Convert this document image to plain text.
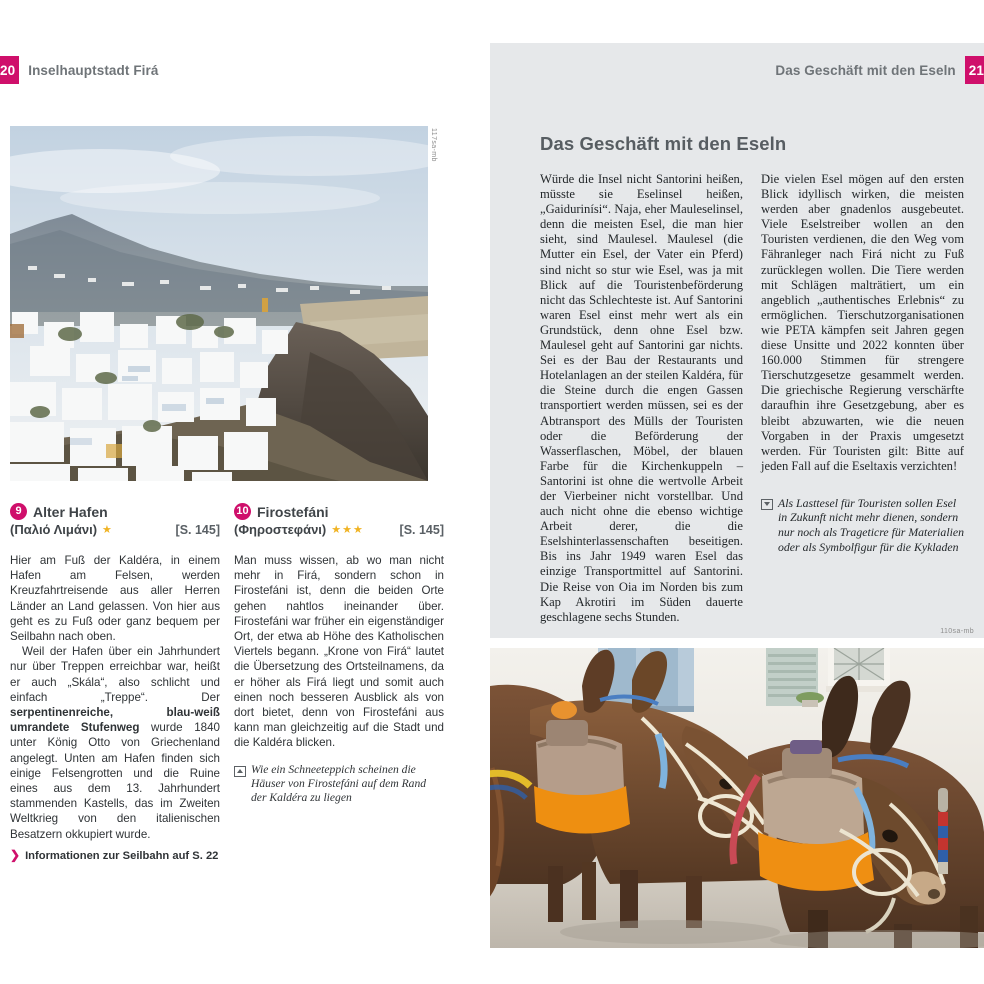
20 Inselhauptstadt Firá
117sa-mb
9 Alter Hafen
(Παλιό Λιμάνι) ★	[S. 145]
10 Firostefáni
(Φηροστεφάνι) ★★★	[S. 145]

Hier am Fuß der Kaldéra, in einem Hafen am Felsen, werden Kreuzfahrtreisende aus aller Herren Länder an Land gelassen. Von hier aus geht es zu Fuß oder ganz bequem per Seilbahn nach oben.

Weil der Hafen über ein Jahrhundert nur über Treppen erreichbar war, heißt er auch „Skála“, also schlicht und einfach „Treppe“. Der serpentinenreiche, blau-weiß umrandete Stufenweg wurde 1840 unter König Otto von Griechenland angelegt. Unten am Hafen finden sich einige Felsengrotten und die Ruine eines aus dem 13. Jahrhundert stammenden Kastells, das im Zweiten Weltkrieg von den italienischen Besatzern okkupiert wurde.

❯ Informationen zur Seilbahn auf S. 22

Man muss wissen, ab wo man nicht mehr in Firá, sondern schon in Firostefáni ist, denn die beiden Orte gehen nahtlos ineinander über. Firostefáni war früher ein eigenständiger Ort, der etwa ab Höhe des Katholischen Viertels begann. „Krone von Firá“ lautet die Übersetzung des Ortsteilnamens, da er höher als Firá liegt und somit auch einen noch besseren Ausblick als von dort bietet, denn von Firostefáni aus kann man gleichzeitig auf die Stadt und die Kaldéra blicken.

Wie ein Schneeteppich scheinen die Häuser von Firostefáni auf dem Rand der Kaldéra zu liegen
Das Geschäft mit den Eseln 21
Das Geschäft mit den Eseln

Würde die Insel nicht Santorini heißen, müsste sie Eselinsel heißen, „Gaidurinísi“. Naja, eher Mauleselinsel, denn die meisten Esel, die man hier sieht, sind Maulesel. Maulesel (die Mutter ein Esel, der Vater ein Pferd) sind nicht so stur wie Esel, was ja mit Blick auf die Touristenbeförderung nicht das Schlechteste ist. Auf Santorini waren Esel einst mehr wert als ein Grundstück, denn ohne Esel bzw. Maulesel geht auf Santorini gar nichts. Sei es der Bau der Restaurants und Hotelanlagen an der steilen Kaldéra, für die Steine durch die engen Gassen transportiert werden müssen, sei es der Abtransport des Mülls der Touristen oder die Beförderung der Wasserflaschen, Möbel, der blauen Farbe für die Kirchenkuppeln – Santorini ist ohne die wertvolle Arbeit der Vierbeiner nicht vorstellbar. Und auch nicht ohne die ebenso wichtige Arbeit derer, die die Eselshinterlassenschaften beseitigen. Bis ins Jahr 1949 waren Esel das einzige Transportmittel auf Santorini. Die Reise von Oia im Norden bis zum Kap Akrotiri im Süden dauerte geschlagene sechs Stunden.

Die vielen Esel mögen auf den ersten Blick idyllisch wirken, die meisten werden aber gnadenlos ausgebeutet. Viele Eselstreiber wollen an den Touristen verdienen, die den Weg vom Fähranleger nach Firá nicht zu Fuß zurücklegen wollen. Die Tiere werden mit Schlägen malträtiert, um ein angeblich „authentisches Erlebnis“ zu ermöglichen. Tierschutzorganisationen wie PETA kämpfen seit Jahren gegen diese Unsitte und 2022 konnten über 160.000 Stimmen für strengere Tierschutzgesetze gesammelt werden. Die griechische Regierung verschärfte daraufhin ihre Gesetzgebung, aber es bleibt abzuwarten, wie die neuen Vorgaben in der Praxis umgesetzt werden. Für Touristen gilt: Bitte auf jeden Fall auf die Eseltaxis verzichten!

Als Lasttesel für Touristen sollen Esel in Zukunft nicht mehr dienen, sondern nur noch als Trageticre für Materialien oder als Symbolfigur für die Kykladen
110sa-mb
